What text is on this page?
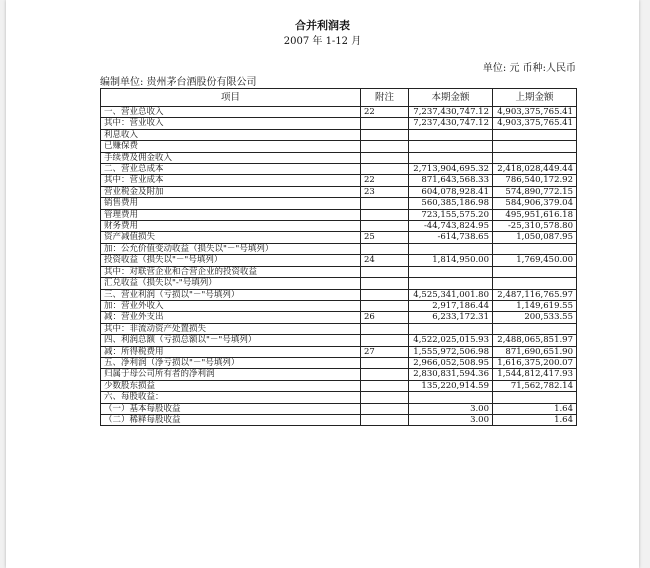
合并利润表
2007 年 1-12 月
单位: 元 币种:人民币
编制单位: 贵州茅台酒股份有限公司
项目	附注	本期金额	上期金额
一、营业总收入	22	7,237,430,747.12	4,903,375,765.41
其中：营业收入		7,237,430,747.12	4,903,375,765.41
利息收入			
已赚保费			
手续费及佣金收入			
二、营业总成本		2,713,904,695.32	2,418,028,449.44
其中：营业成本	22	871,643,568.33	786,540,172.92
营业税金及附加	23	604,078,928.41	574,890,772.15
销售费用		560,385,186.98	584,906,379.04
管理费用		723,155,575.20	495,951,616.18
财务费用		-44,743,824.95	-25,310,578.80
资产减值损失	25	-614,738.65	1,050,087.95
加：公允价值变动收益（损失以"－"号填列）			
投资收益（损失以"－"号填列）	24	1,814,950.00	1,769,450.00
其中：对联营企业和合营企业的投资收益			
汇兑收益（损失以"-"号填列）			
三、营业利润（亏损以"－"号填列）		4,525,341,001.80	2,487,116,765.97
加：营业外收入		2,917,186.44	1,149,619.55
减：营业外支出	26	6,233,172.31	200,533.55
其中：非流动资产处置损失			
四、利润总额（亏损总额以"－"号填列）		4,522,025,015.93	2,488,065,851.97
减：所得税费用	27	1,555,972,506.98	871,690,651.90
五、净利润（净亏损以"－"号填列）		2,966,052,508.95	1,616,375,200.07
归属于母公司所有者的净利润		2,830,831,594.36	1,544,812,417.93
少数股东损益		135,220,914.59	71,562,782.14
六、每股收益：			
（一）基本每股收益		3.00	1.64
（二）稀释每股收益		3.00	1.64
